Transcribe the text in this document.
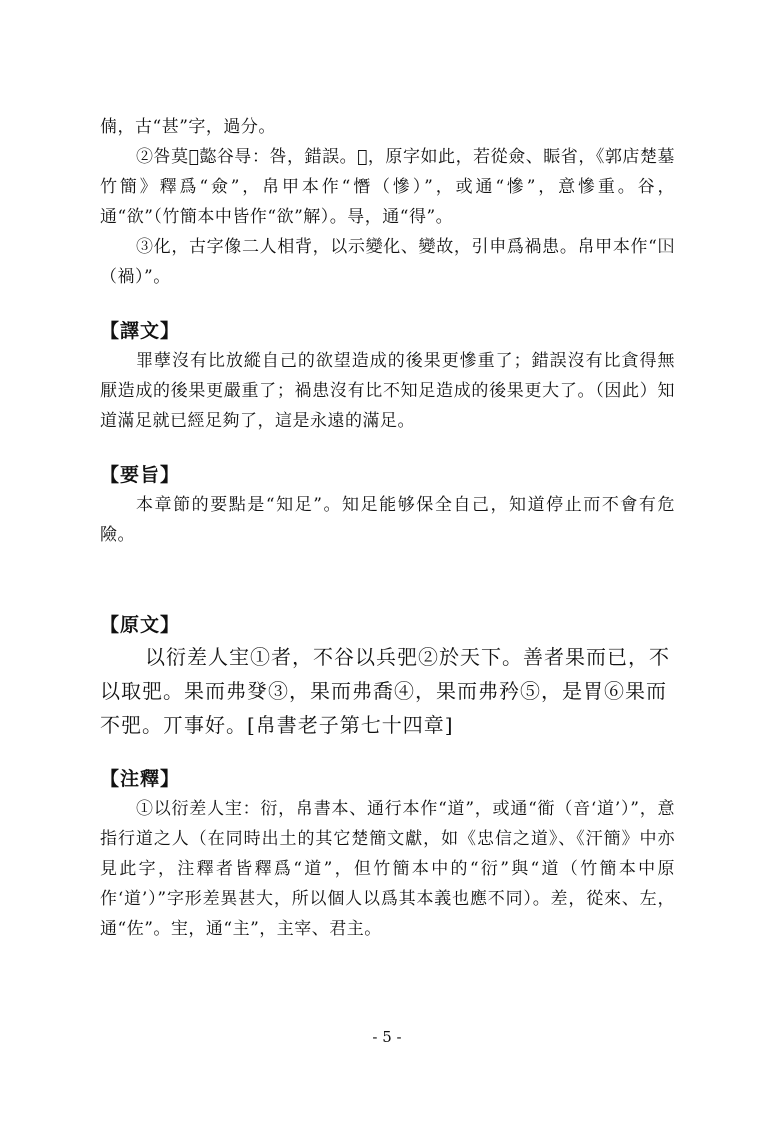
㑲，古“甚”字，過分。

②咎莫𢡚㦤谷㝵：咎，錯誤。𢡚，原字如此，若從僉、䀼省，《郭店楚墓竹簡》釋爲“僉”，帛甲本作“憯（慘）”，或通“慘”，意慘重。谷，通“欲”（竹簡本中皆作“欲”解）。㝵，通“得”。

③化，古字像二人相背，以示變化、變故，引申爲禍患。帛甲本作“𡆥（禍）”。

【譯文】

罪孽沒有比放縱自己的欲望造成的後果更慘重了；錯誤沒有比貪得無厭造成的後果更嚴重了；禍患沒有比不知足造成的後果更大了。（因此）知道滿足就已經足夠了，這是永遠的滿足。

【要旨】

本章節的要點是“知足”。知足能够保全自己，知道停止而不會有危險。

【原文】

以衍差人宔①者，不谷以兵弝②於天下。善者果而已，不以取弝。果而弗癹③，果而弗喬④，果而弗矜⑤，是胃⑥果而不弝。丌事好。[帛書老子第七十四章]

【注釋】

①以衍差人宔：衍，帛書本、通行本作“道”，或通“衜（音‘道’）”，意指行道之人（在同時出土的其它楚簡文獻，如《忠信之道》、《汗簡》中亦見此字，注釋者皆釋爲“道”，但竹簡本中的“衍”與“道（竹簡本中原作‘道’）”字形差異甚大，所以個人以爲其本義也應不同）。差，從來、左，通“佐”。宔，通“主”，主宰、君主。

- 5 -
